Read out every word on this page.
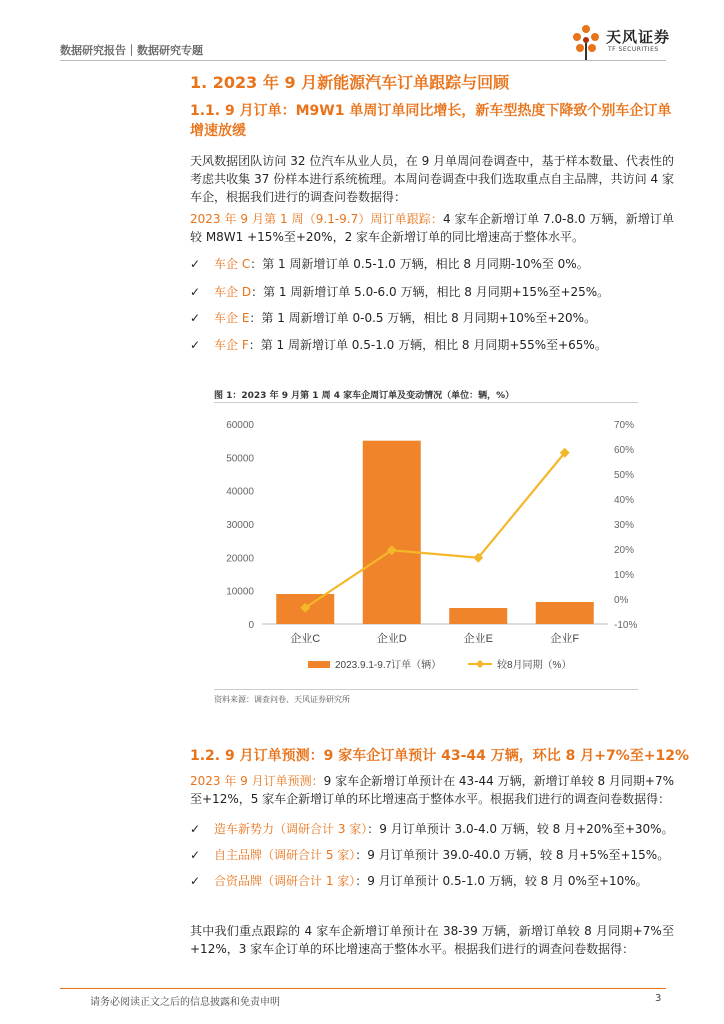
数据研究报告｜数据研究专题
天风证券
TF SECURITIES
1. 2023 年 9 月新能源汽车订单跟踪与回顾
1.1. 9 月订单：M9W1 单周订单同比增长，新车型热度下降致个别车企订单增速放缓
天风数据团队访问 32 位汽车从业人员，在 9 月单周问卷调查中，基于样本数量、代表性的考虑共收集 37 份样本进行系统梳理。本周问卷调查中我们选取重点自主品牌，共访问 4 家车企，根据我们进行的调查问卷数据得：
2023 年 9 月第 1 周（9.1-9.7）周订单跟踪：4 家车企新增订单 7.0-8.0 万辆，新增订单较 M8W1 +15%至+20%，2 家车企新增订单的同比增速高于整体水平。
✓ 车企 C：第 1 周新增订单 0.5-1.0 万辆，相比 8 月同期-10%至 0%。
✓ 车企 D：第 1 周新增订单 5.0-6.0 万辆，相比 8 月同期+15%至+25%。
✓ 车企 E：第 1 周新增订单 0-0.5 万辆，相比 8 月同期+10%至+20%。
✓ 车企 F：第 1 周新增订单 0.5-1.0 万辆，相比 8 月同期+55%至+65%。
图 1：2023 年 9 月第 1 周 4 家车企周订单及变动情况（单位：辆，%）
0
10000
20000
30000
40000
50000
60000
-10%
0%
10%
20%
30%
40%
50%
60%
70%
企业C	企业D	企业E	企业F
2023.9.1-9.7订单（辆）	较8月同期（%）
资料来源：调查问卷、天风证券研究所
1.2. 9 月订单预测：9 家车企订单预计 43-44 万辆，环比 8 月+7%至+12%
2023 年 9 月订单预测：9 家车企新增订单预计在 43-44 万辆，新增订单较 8 月同期+7%至+12%，5 家车企新增订单的环比增速高于整体水平。根据我们进行的调查问卷数据得：
✓ 造车新势力（调研合计 3 家）：9 月订单预计 3.0-4.0 万辆，较 8 月+20%至+30%。
✓ 自主品牌（调研合计 5 家）：9 月订单预计 39.0-40.0 万辆，较 8 月+5%至+15%。
✓ 合资品牌（调研合计 1 家）：9 月订单预计 0.5-1.0 万辆，较 8 月 0%至+10%。
其中我们重点跟踪的 4 家车企新增订单预计在 38-39 万辆，新增订单较 8 月同期+7%至+12%，3 家车企订单的环比增速高于整体水平。根据我们进行的调查问卷数据得：
请务必阅读正文之后的信息披露和免责申明	3
